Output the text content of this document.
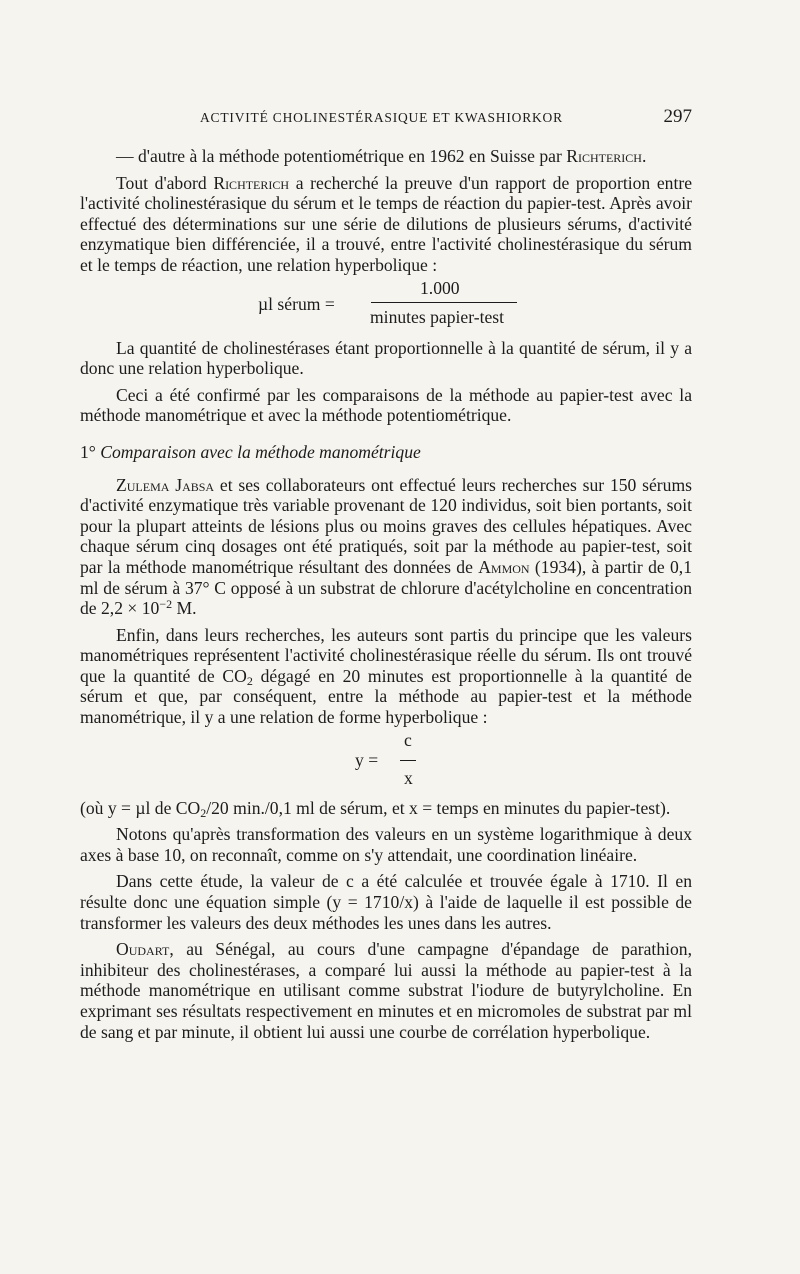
ACTIVITÉ CHOLINESTÉRASIQUE ET KWASHIORKOR	297

— d'autre à la méthode potentiométrique en 1962 en Suisse par Richterich.

Tout d'abord Richterich a recherché la preuve d'un rapport de proportion entre l'activité cholinestérasique du sérum et le temps de réaction du papier-test. Après avoir effectué des déterminations sur une série de dilutions de plusieurs sérums, d'activité enzymatique bien différenciée, il a trouvé, entre l'activité cholinestérasique du sérum et le temps de réaction, une relation hyperbolique :

µl sérum =
1.000
minutes papier-test

La quantité de cholinestérases étant proportionnelle à la quantité de sérum, il y a donc une relation hyperbolique.

Ceci a été confirmé par les comparaisons de la méthode au papier-test avec la méthode manométrique et avec la méthode potentiométrique.

1° Comparaison avec la méthode manométrique

Zulema Jabsa et ses collaborateurs ont effectué leurs recherches sur 150 sérums d'activité enzymatique très variable provenant de 120 individus, soit bien portants, soit pour la plupart atteints de lésions plus ou moins graves des cellules hépatiques. Avec chaque sérum cinq dosages ont été pratiqués, soit par la méthode au papier-test, soit par la méthode manométrique résultant des données de Ammon (1934), à partir de 0,1 ml de sérum à 37° C opposé à un substrat de chlorure d'acétylcholine en concentration de $2,2 \times 10^{-2}$ M.

Enfin, dans leurs recherches, les auteurs sont partis du principe que les valeurs manométriques représentent l'activité cholinestérasique réelle du sérum. Ils ont trouvé que la quantité de $CO_2$ dégagé en 20 minutes est proportionnelle à la quantité de sérum et que, par conséquent, entre la méthode au papier-test et la méthode manométrique, il y a une relation de forme hyperbolique :

y =
c
x

(où y = µl de $CO_2/20$ min./0,1 ml de sérum, et x = temps en minutes du papier-test).

Notons qu'après transformation des valeurs en un système logarithmique à deux axes à base 10, on reconnaît, comme on s'y attendait, une coordination linéaire.

Dans cette étude, la valeur de c a été calculée et trouvée égale à 1710. Il en résulte donc une équation simple (y = 1710/x) à l'aide de laquelle il est possible de transformer les valeurs des deux méthodes les unes dans les autres.

Oudart, au Sénégal, au cours d'une campagne d'épandage de parathion, inhibiteur des cholinestérases, a comparé lui aussi la méthode au papier-test à la méthode manométrique en utilisant comme substrat l'iodure de butyrylcholine. En exprimant ses résultats respectivement en minutes et en micromoles de substrat par ml de sang et par minute, il obtient lui aussi une courbe de corrélation hyperbolique.
